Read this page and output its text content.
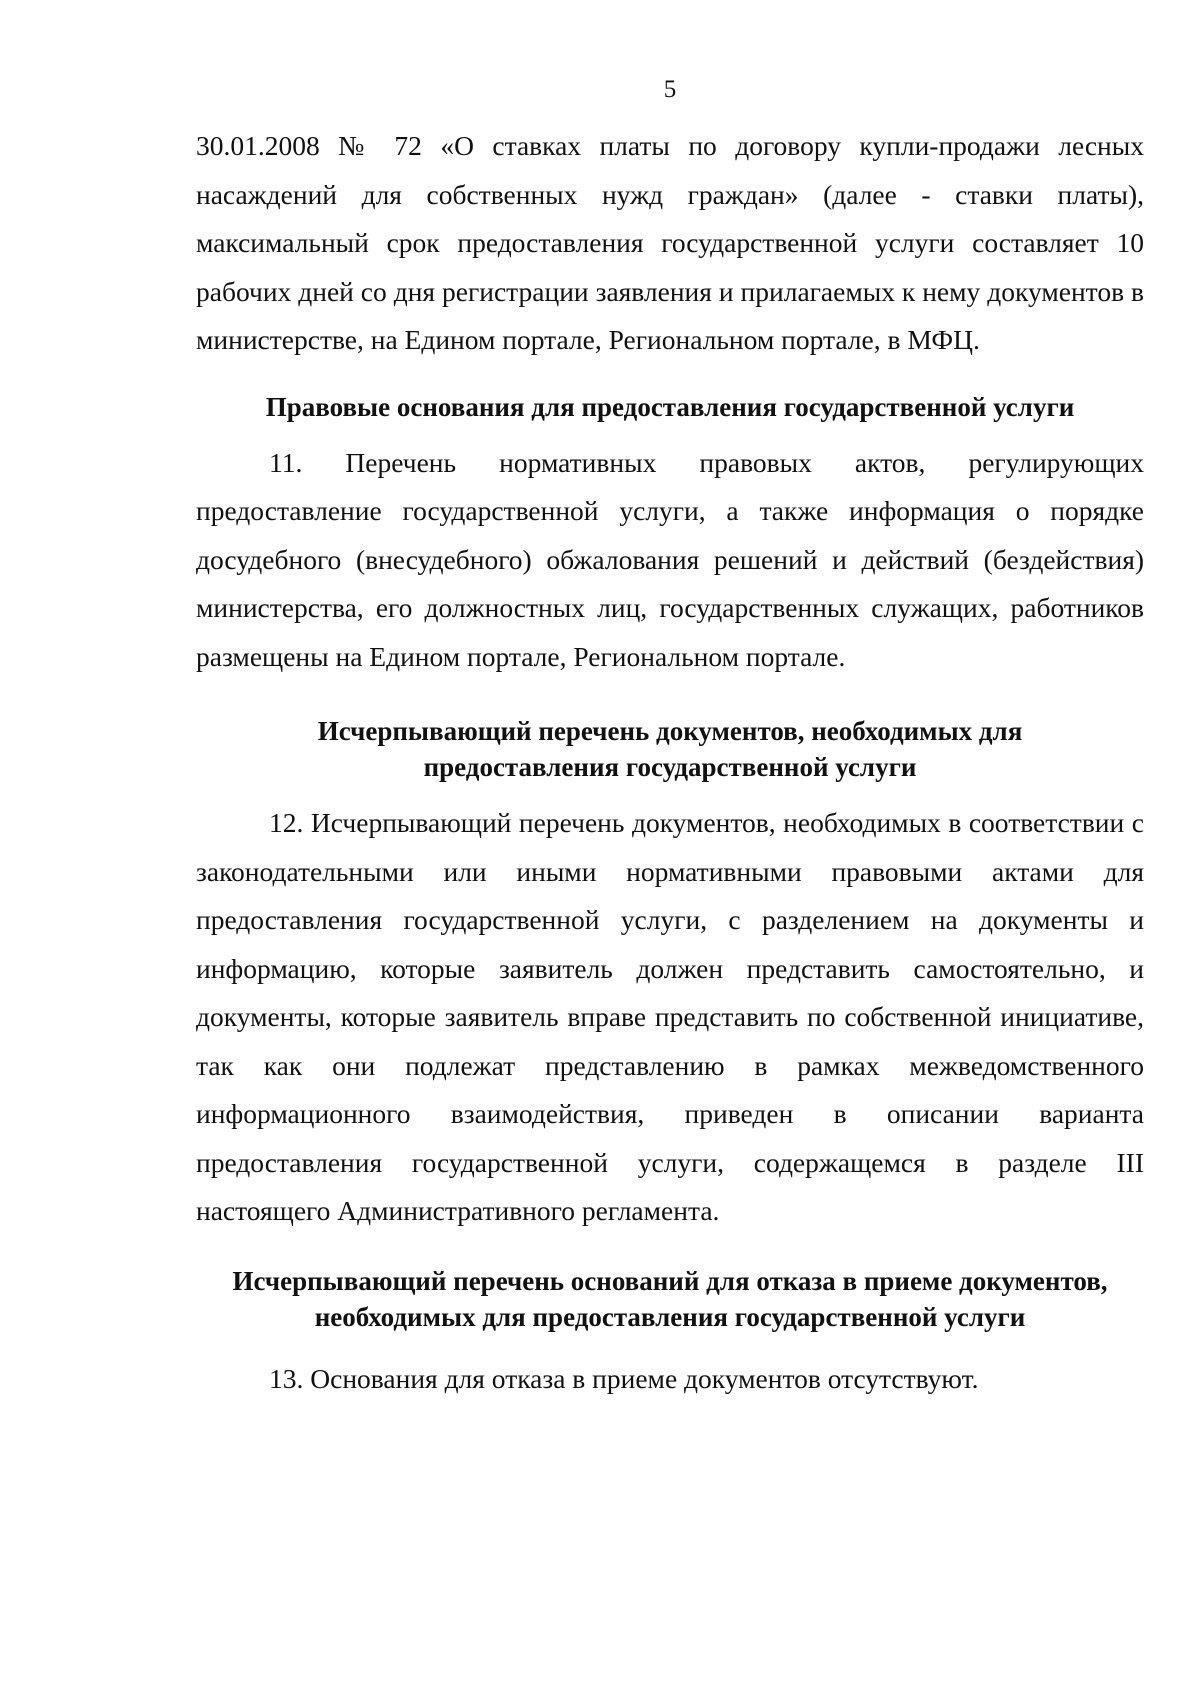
5

30.01.2008 № 72 «О ставках платы по договору купли-продажи лесных насаждений для собственных нужд граждан» (далее - ставки платы), максимальный срок предоставления государственной услуги составляет 10 рабочих дней со дня регистрации заявления и прилагаемых к нему документов в министерстве, на Едином портале, Региональном портале, в МФЦ.

Правовые основания для предоставления государственной услуги

11. Перечень нормативных правовых актов, регулирующих предоставление государственной услуги, а также информация о порядке досудебного (внесудебного) обжалования решений и действий (бездействия) министерства, его должностных лиц, государственных служащих, работников размещены на Едином портале, Региональном портале.

Исчерпывающий перечень документов, необходимых для
предоставления государственной услуги

12. Исчерпывающий перечень документов, необходимых в соответствии с законодательными или иными нормативными правовыми актами для предоставления государственной услуги, с разделением на документы и информацию, которые заявитель должен представить самостоятельно, и документы, которые заявитель вправе представить по собственной инициативе, так как они подлежат представлению в рамках межведомственного информационного взаимодействия, приведен в описании варианта предоставления государственной услуги, содержащемся в разделе III настоящего Административного регламента.

Исчерпывающий перечень оснований для отказа в приеме документов,
необходимых для предоставления государственной услуги

13. Основания для отказа в приеме документов отсутствуют.
